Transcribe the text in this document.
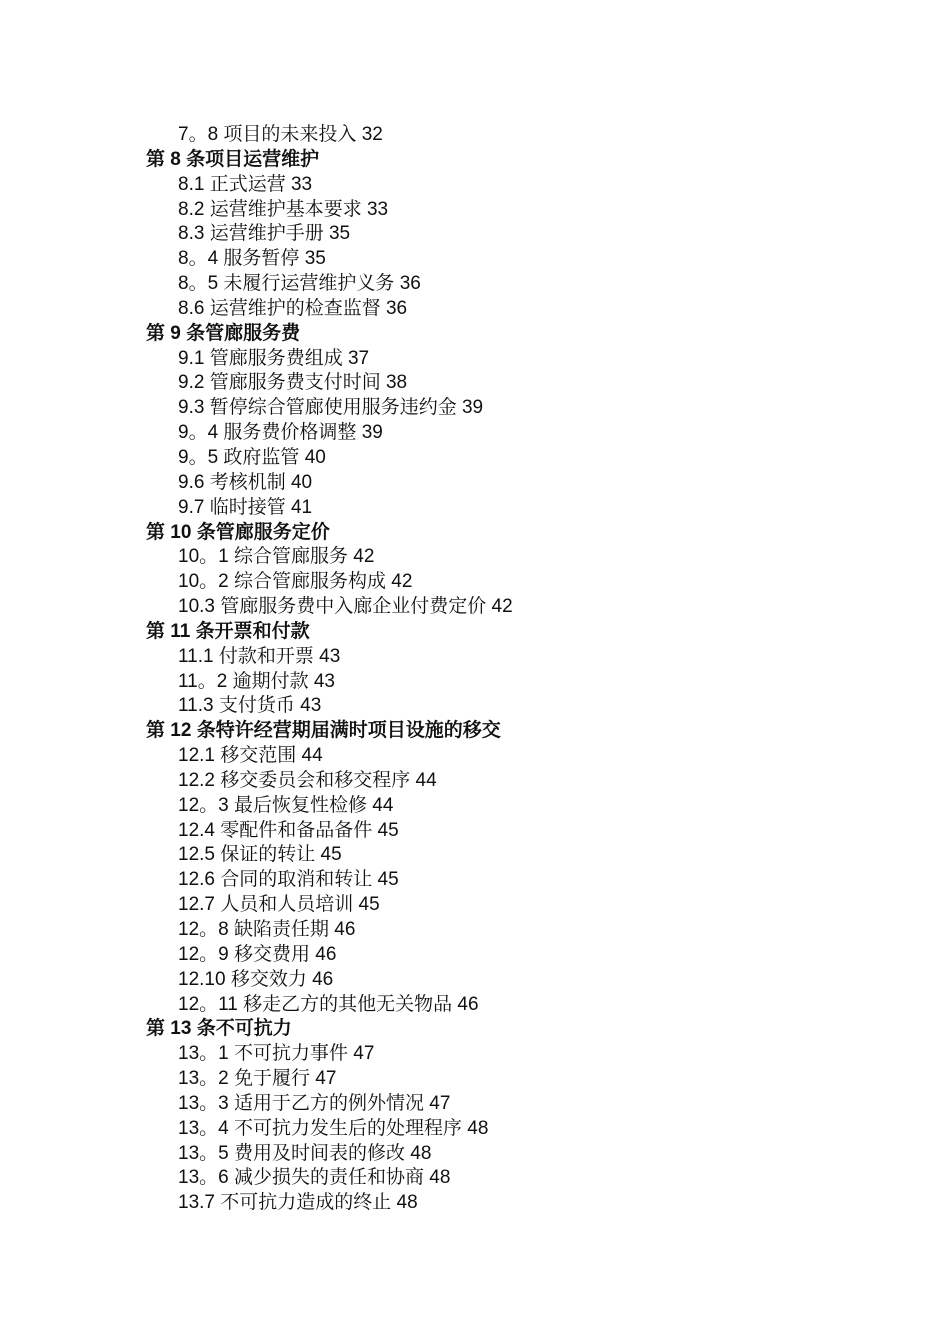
7。8 项目的未来投入 32
第 8 条项目运营维护
8.1 正式运营 33
8.2 运营维护基本要求 33
8.3 运营维护手册 35
8。4 服务暂停 35
8。5 未履行运营维护义务 36
8.6 运营维护的检查监督 36
第 9 条管廊服务费
9.1 管廊服务费组成 37
9.2 管廊服务费支付时间 38
9.3 暂停综合管廊使用服务违约金 39
9。4 服务费价格调整 39
9。5 政府监管 40
9.6 考核机制 40
9.7 临时接管 41
第 10 条管廊服务定价
10。1 综合管廊服务 42
10。2 综合管廊服务构成 42
10.3 管廊服务费中入廊企业付费定价 42
第 11 条开票和付款
11.1 付款和开票 43
11。2 逾期付款 43
11.3 支付货币 43
第 12 条特许经营期届满时项目设施的移交
12.1 移交范围 44
12.2 移交委员会和移交程序 44
12。3 最后恢复性检修 44
12.4 零配件和备品备件 45
12.5 保证的转让 45
12.6 合同的取消和转让 45
12.7 人员和人员培训 45
12。8 缺陷责任期 46
12。9 移交费用 46
12.10 移交效力 46
12。11 移走乙方的其他无关物品 46
第 13 条不可抗力
13。1 不可抗力事件 47
13。2 免于履行 47
13。3 适用于乙方的例外情况 47
13。4 不可抗力发生后的处理程序 48
13。5 费用及时间表的修改 48
13。6 减少损失的责任和协商 48
13.7 不可抗力造成的终止 48
